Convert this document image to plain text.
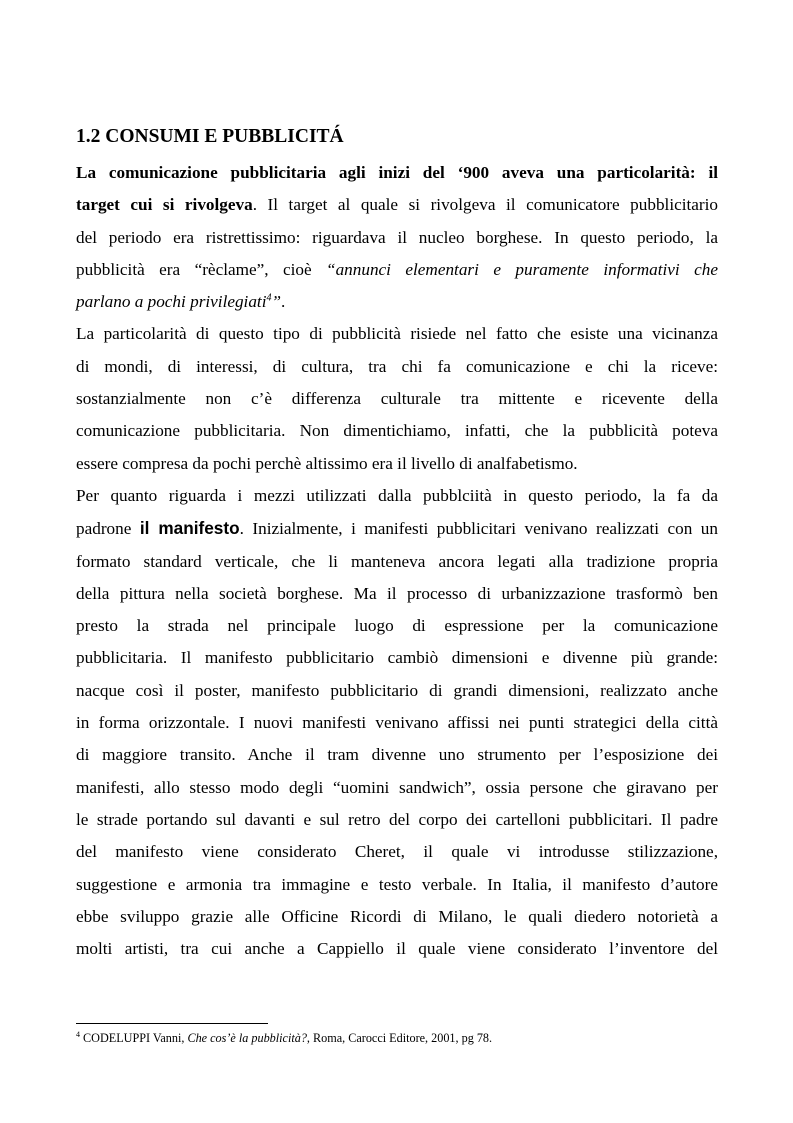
1.2 CONSUMI E PUBBLICITÁ

La comunicazione pubblicitaria agli inizi del ‘900 aveva una particolarità: il
target cui si rivolgeva. Il target al quale si rivolgeva il comunicatore pubblicitario
del periodo era ristrettissimo: riguardava il nucleo borghese. In questo periodo, la
pubblicità era “rèclame”, cioè “annunci elementari e puramente informativi che
parlano a pochi privilegiati$^4$”.

La particolarità di questo tipo di pubblicità risiede nel fatto che esiste una vicinanza
di mondi, di interessi, di cultura, tra chi fa comunicazione e chi la riceve:
sostanzialmente non c’è differenza culturale tra mittente e ricevente della
comunicazione pubblicitaria. Non dimentichiamo, infatti, che la pubblicità poteva
essere compresa da pochi perchè altissimo era il livello di analfabetismo.

Per quanto riguarda i mezzi utilizzati dalla pubblciità in questo periodo, la fa da
padrone il manifesto. Inizialmente, i manifesti pubblicitari venivano realizzati con un
formato standard verticale, che li manteneva ancora legati alla tradizione propria
della pittura nella società borghese. Ma il processo di urbanizzazione trasformò ben
presto la strada nel principale luogo di espressione per la comunicazione
pubblicitaria. Il manifesto pubblicitario cambiò dimensioni e divenne più grande:
nacque così il poster, manifesto pubblicitario di grandi dimensioni, realizzato anche
in forma orizzontale. I nuovi manifesti venivano affissi nei punti strategici della città
di maggiore transito. Anche il tram divenne uno strumento per l’esposizione dei
manifesti, allo stesso modo degli “uomini sandwich”, ossia persone che giravano per
le strade portando sul davanti e sul retro del corpo dei cartelloni pubblicitari. Il padre
del manifesto viene considerato Cheret, il quale vi introdusse stilizzazione,
suggestione e armonia tra immagine e testo verbale. In Italia, il manifesto d’autore
ebbe sviluppo grazie alle Officine Ricordi di Milano, le quali diedero notorietà a
molti artisti, tra cui anche a Cappiello il quale viene considerato l’inventore del

$^4$ CODELUPPI Vanni, Che cos’è la pubblicità?, Roma, Carocci Editore, 2001, pg 78.
